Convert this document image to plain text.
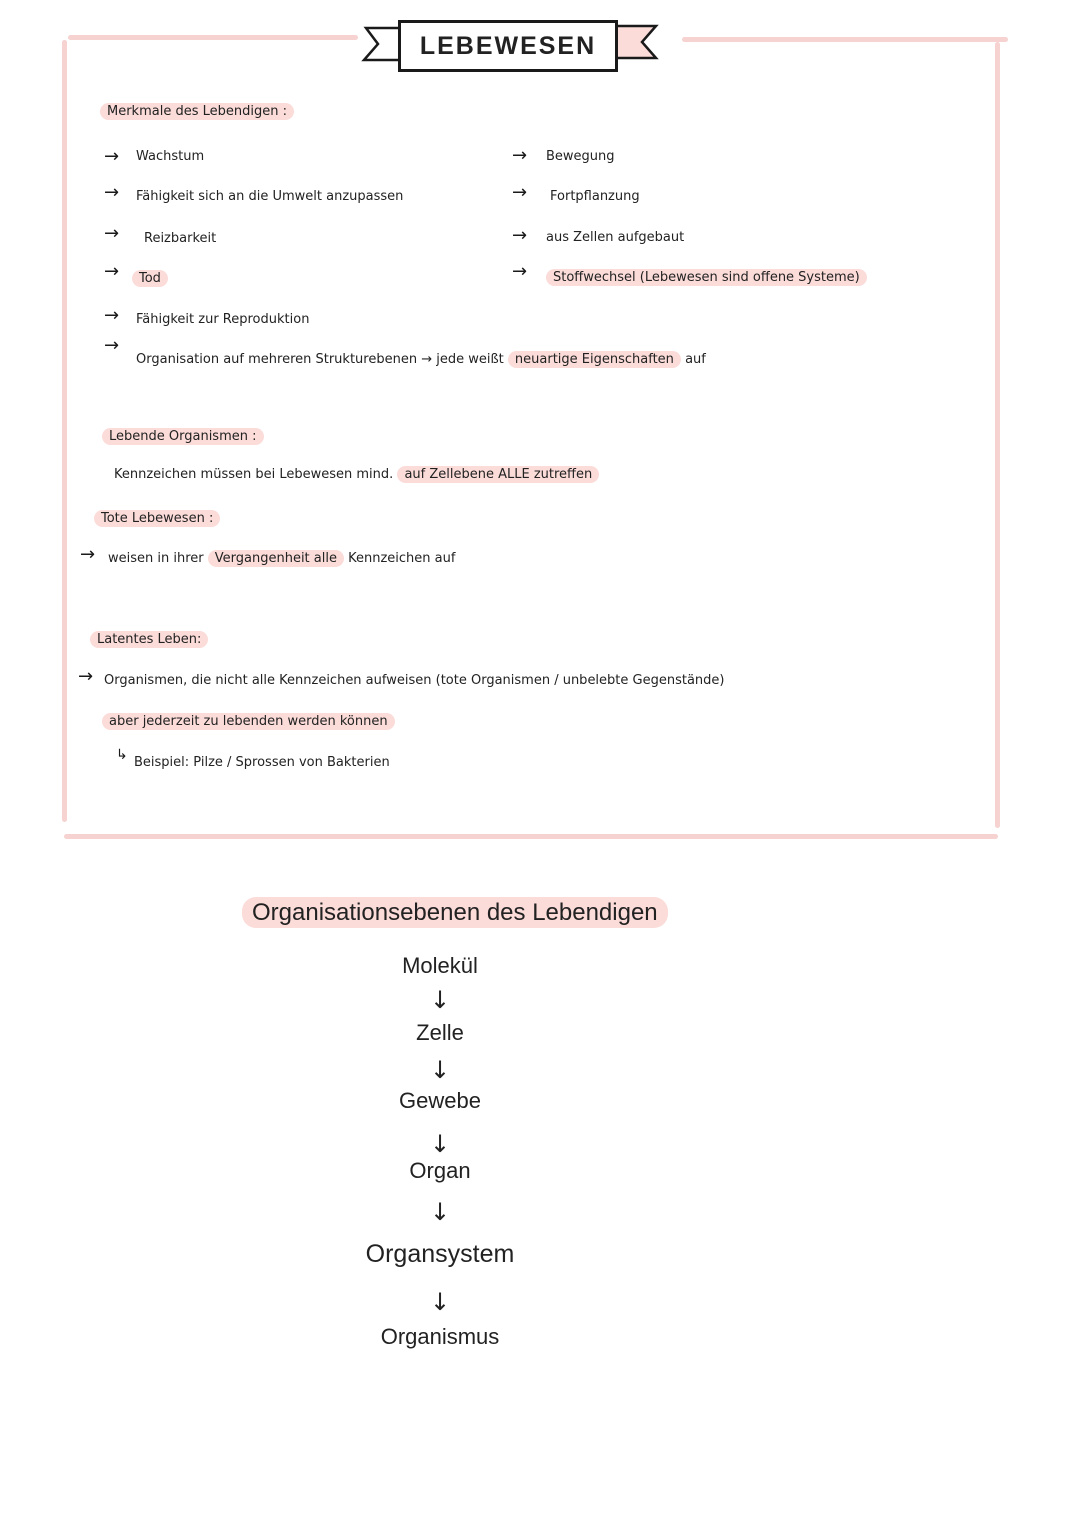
LEBEWESEN
Merkmale des Lebendigen :
→ Wachstum
→ Fähigkeit sich an die Umwelt anzupassen
→ Reizbarkeit
→	Tod
→ Fähigkeit zur Reproduktion
→
Organisation auf mehreren Strukturebenen → jede weißt neuartige Eigenschaften auf
→ Bewegung
→ Fortpflanzung
→ aus Zellen aufgebaut
→	Stoffwechsel (Lebewesen sind offene Systeme)
Lebende Organismen :
Kennzeichen müssen bei Lebewesen mind. auf Zellebene ALLE zutreffen
Tote Lebewesen :
→ weisen in ihrer Vergangenheit alle Kennzeichen auf
Latentes Leben:
→ Organismen, die nicht alle Kennzeichen aufweisen (tote Organismen / unbelebte Gegenstände)
aber jederzeit zu lebenden werden können
↳ Beispiel: Pilze / Sprossen von Bakterien
Organisationsebenen des Lebendigen
Molekül
↓
Zelle
↓
Gewebe
↓
Organ
↓
Organsystem
↓
Organismus
